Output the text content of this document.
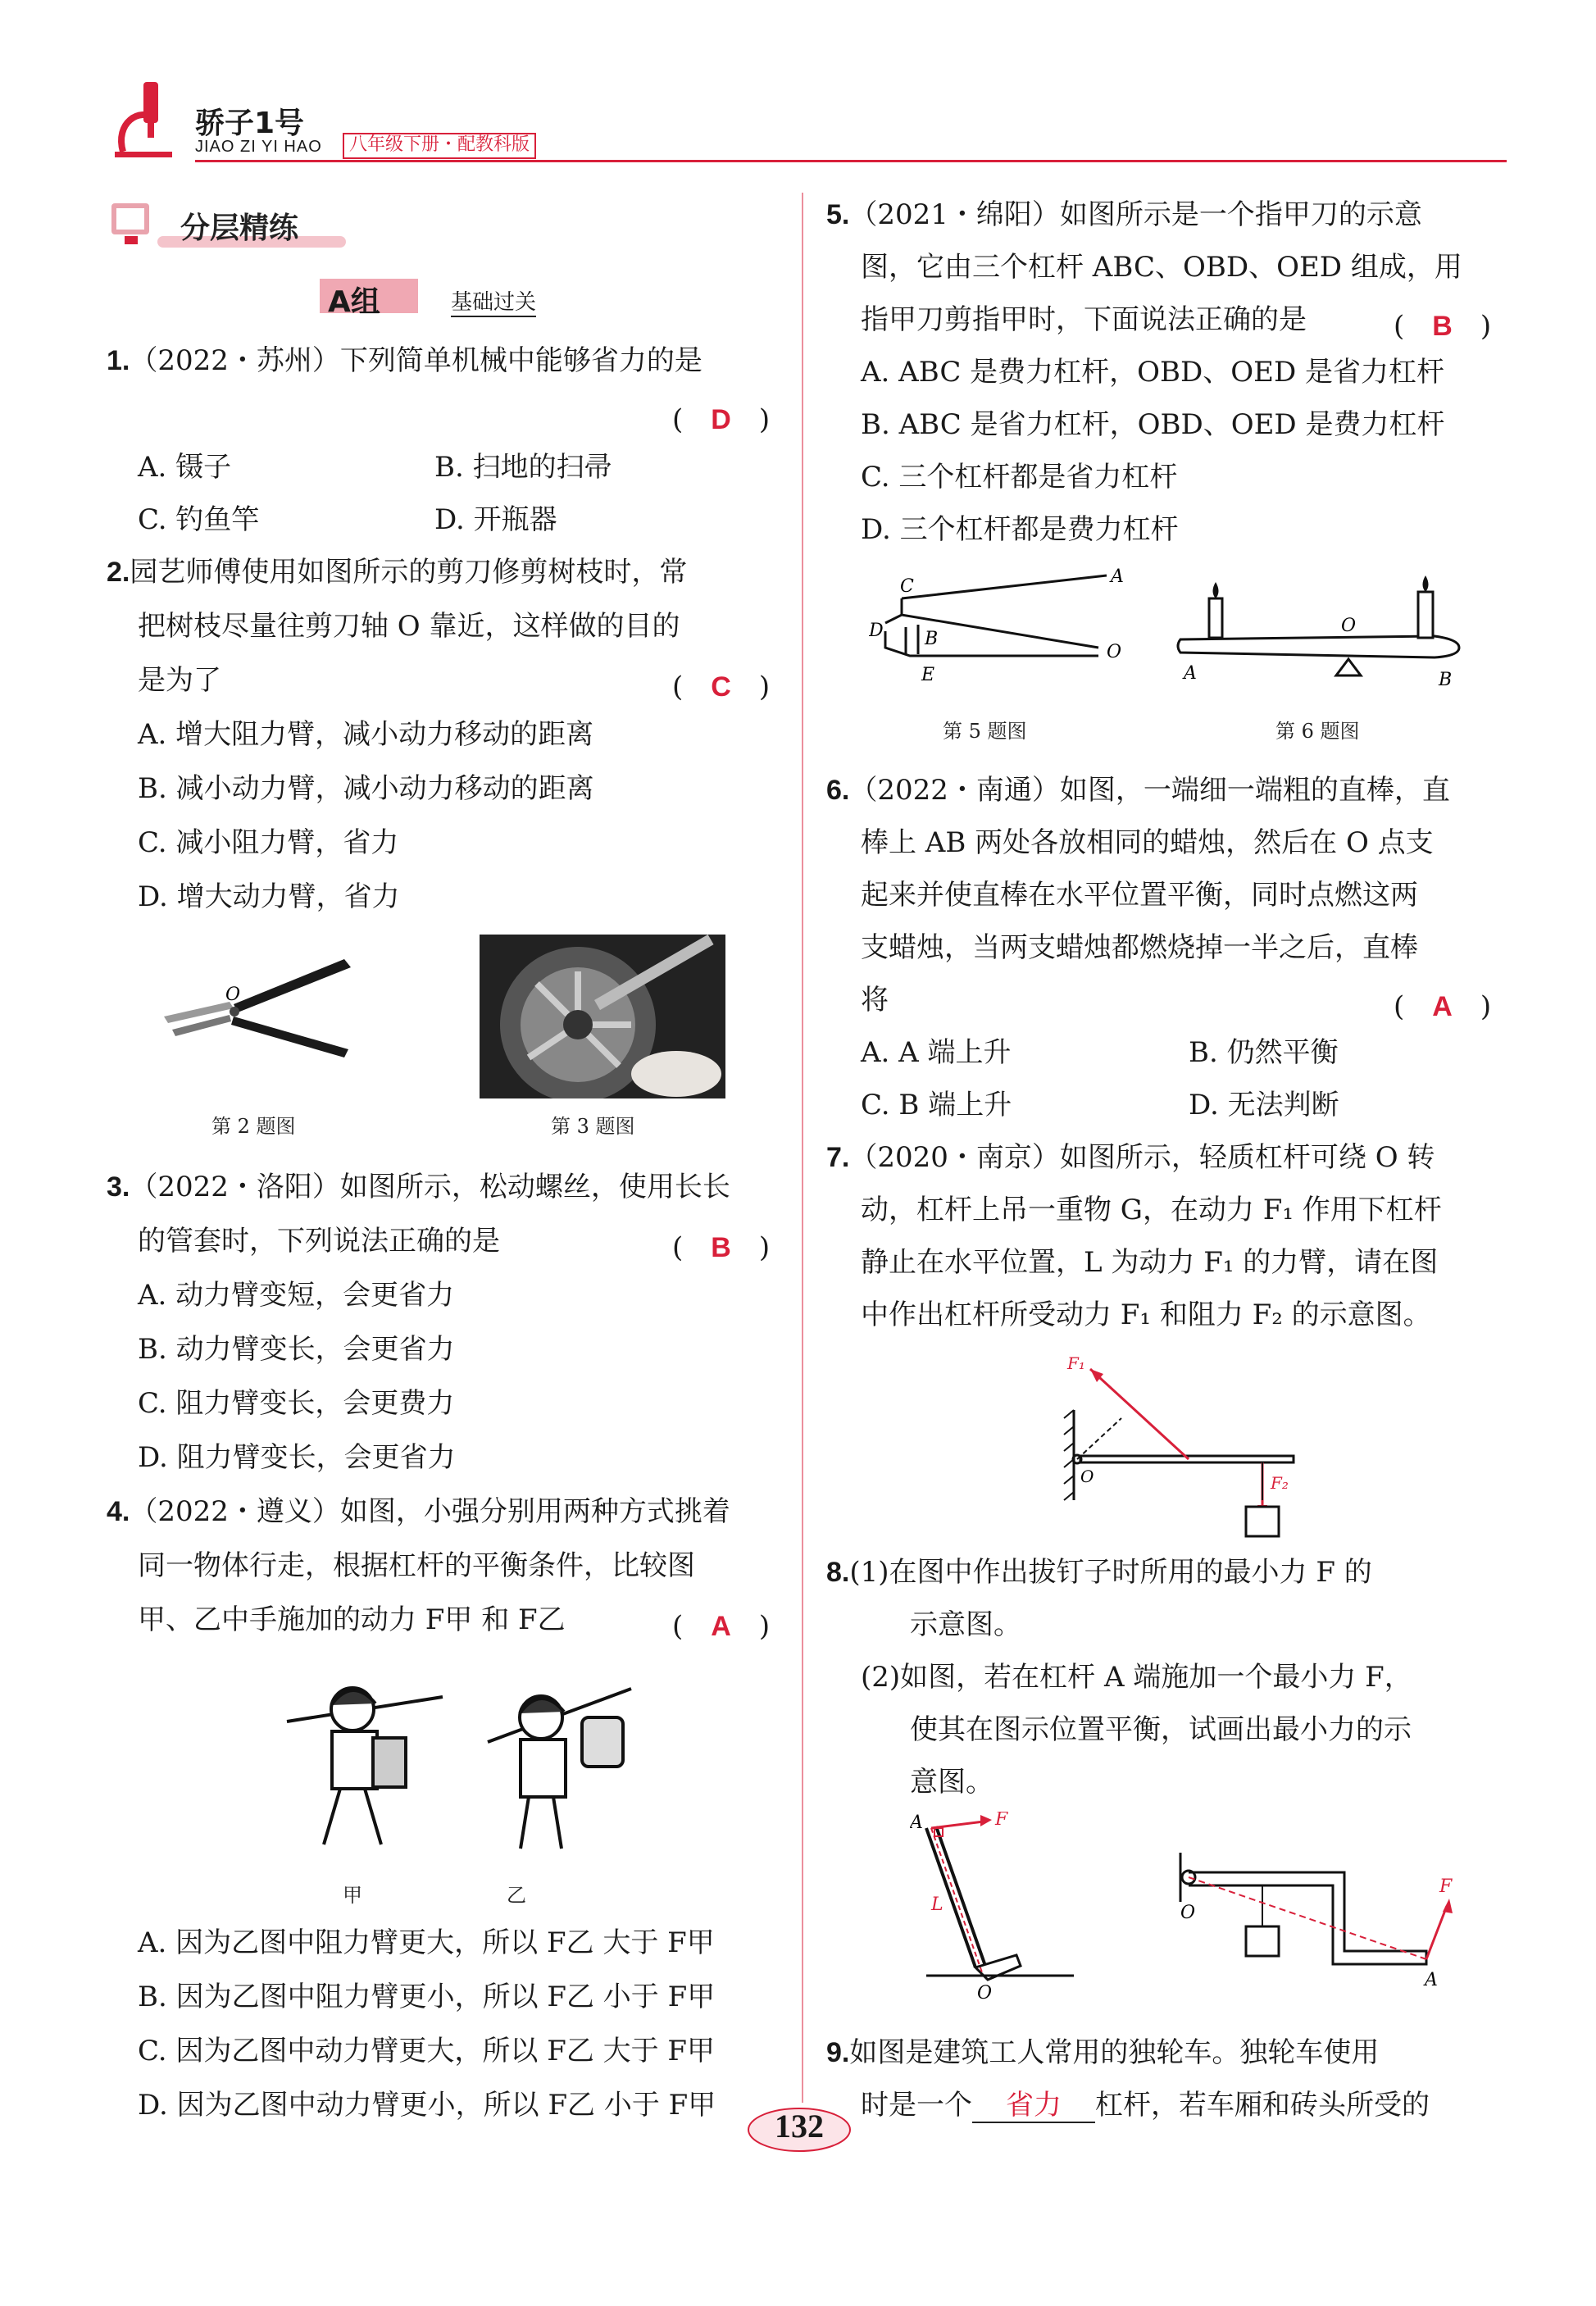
骄子1号
JIAO ZI YI HAO	八年级下册・配教科版
分层精练
A组	基础过关
1.（2022・苏州）下列简单机械中能够省力的是
(　D　)
A. 镊子	B. 扫地的扫帚
C. 钓鱼竿	D. 开瓶器
2.园艺师傅使用如图所示的剪刀修剪树枝时，常
把树枝尽量往剪刀轴 O 靠近，这样做的目的
是为了	(　C　)
A. 增大阻力臂，减小动力移动的距离
B. 减小动力臂，减小动力移动的距离
C. 减小阻力臂，省力
D. 增大动力臂，省力
O
第 2 题图	第 3 题图
3.（2022・洛阳）如图所示，松动螺丝，使用长长
的管套时，下列说法正确的是	(　B　)
A. 动力臂变短，会更省力
B. 动力臂变长，会更省力
C. 阻力臂变长，会更费力
D. 阻力臂变长，会更省力
4.（2022・遵义）如图，小强分别用两种方式挑着
同一物体行走，根据杠杆的平衡条件，比较图
甲、乙中手施加的动力 F甲 和 F乙	(　A　)
甲	乙
A. 因为乙图中阻力臂更大，所以 F乙 大于 F甲
B. 因为乙图中阻力臂更小，所以 F乙 小于 F甲
C. 因为乙图中动力臂更大，所以 F乙 大于 F甲
D. 因为乙图中动力臂更小，所以 F乙 小于 F甲
5.（2021・绵阳）如图所示是一个指甲刀的示意
图，它由三个杠杆 ABC、OBD、OED 组成，用
指甲刀剪指甲时，下面说法正确的是	(　B　)
A. ABC 是费力杠杆，OBD、OED 是省力杠杆
B. ABC 是省力杠杆，OBD、OED 是费力杠杆
C. 三个杠杆都是省力杠杆
D. 三个杠杆都是费力杠杆
C	A
D B
O
E
第 5 题图
O
A	B
第 6 题图
6.（2022・南通）如图，一端细一端粗的直棒，直
棒上 AB 两处各放相同的蜡烛，然后在 O 点支
起来并使直棒在水平位置平衡，同时点燃这两
支蜡烛，当两支蜡烛都燃烧掉一半之后，直棒
将	(　A　)
A. A 端上升	B. 仍然平衡
C. B 端上升	D. 无法判断
7.（2020・南京）如图所示，轻质杠杆可绕 O 转
动，杠杆上吊一重物 G，在动力 F₁ 作用下杠杆
静止在水平位置，L 为动力 F₁ 的力臂，请在图
中作出杠杆所受动力 F₁ 和阻力 F₂ 的示意图。
F₁
O	F₂
8.(1)在图中作出拔钉子时所用的最小力 F 的
示意图。
(2)如图，若在杠杆 A 端施加一个最小力 F，
使其在图示位置平衡，试画出最小力的示
意图。
A	F
L
O
O
F
A
9.如图是建筑工人常用的独轮车。独轮车使用
时是一个 省力 杠杆，若车厢和砖头所受的
132
